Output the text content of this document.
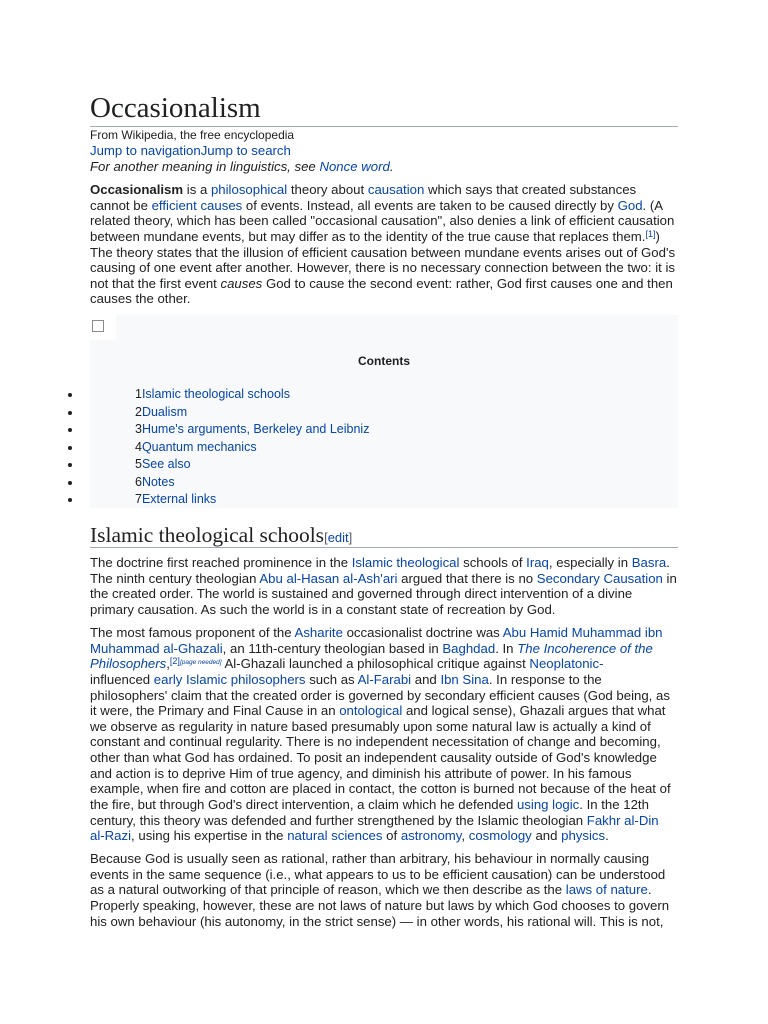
Occasionalism
From Wikipedia, the free encyclopedia
Jump to navigationJump to search
For another meaning in linguistics, see Nonce word.
Occasionalism is a philosophical theory about causation which says that created substances
cannot be efficient causes of events. Instead, all events are taken to be caused directly by God. (A
related theory, which has been called "occasional causation", also denies a link of efficient causation
between mundane events, but may differ as to the identity of the true cause that replaces them.[1])
The theory states that the illusion of efficient causation between mundane events arises out of God's
causing of one event after another. However, there is no necessary connection between the two: it is
not that the first event causes God to cause the second event: rather, God first causes one and then
causes the other.
Contents
1Islamic theological schools
2Dualism
3Hume's arguments, Berkeley and Leibniz
4Quantum mechanics
5See also
6Notes
7External links
Islamic theological schools[edit]
The doctrine first reached prominence in the Islamic theological schools of Iraq, especially in Basra.
The ninth century theologian Abu al-Hasan al-Ash'ari argued that there is no Secondary Causation in
the created order. The world is sustained and governed through direct intervention of a divine
primary causation. As such the world is in a constant state of recreation by God.
The most famous proponent of the Asharite occasionalist doctrine was Abu Hamid Muhammad ibn
Muhammad al-Ghazali, an 11th-century theologian based in Baghdad. In The Incoherence of the
Philosophers,[2][page needed] Al-Ghazali launched a philosophical critique against Neoplatonic-
influenced early Islamic philosophers such as Al-Farabi and Ibn Sina. In response to the
philosophers' claim that the created order is governed by secondary efficient causes (God being, as
it were, the Primary and Final Cause in an ontological and logical sense), Ghazali argues that what
we observe as regularity in nature based presumably upon some natural law is actually a kind of
constant and continual regularity. There is no independent necessitation of change and becoming,
other than what God has ordained. To posit an independent causality outside of God's knowledge
and action is to deprive Him of true agency, and diminish his attribute of power. In his famous
example, when fire and cotton are placed in contact, the cotton is burned not because of the heat of
the fire, but through God's direct intervention, a claim which he defended using logic. In the 12th
century, this theory was defended and further strengthened by the Islamic theologian Fakhr al-Din
al-Razi, using his expertise in the natural sciences of astronomy, cosmology and physics.
Because God is usually seen as rational, rather than arbitrary, his behaviour in normally causing
events in the same sequence (i.e., what appears to us to be efficient causation) can be understood
as a natural outworking of that principle of reason, which we then describe as the laws of nature.
Properly speaking, however, these are not laws of nature but laws by which God chooses to govern
his own behaviour (his autonomy, in the strict sense) — in other words, his rational will. This is not,
